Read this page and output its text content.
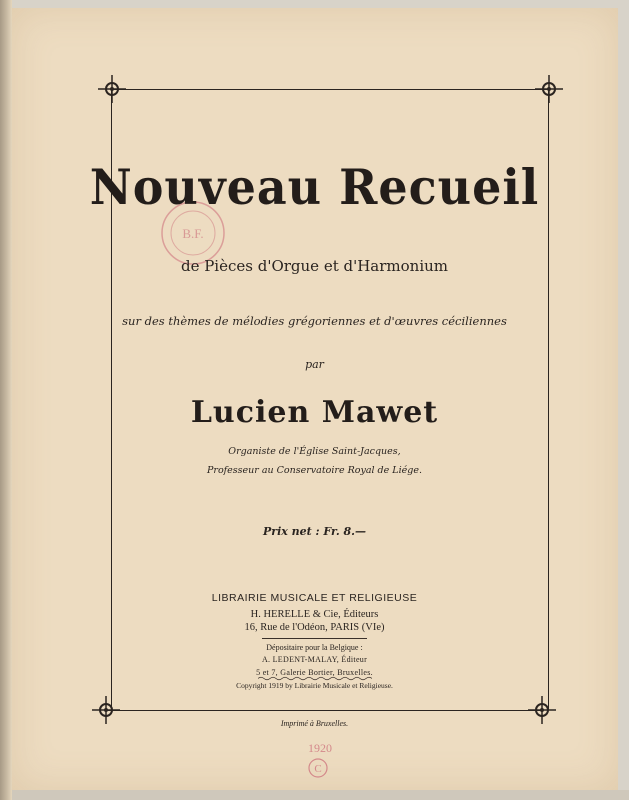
B.F.
Nouveau Recueil
de Pièces d'Orgue et d'Harmonium
sur des thèmes de mélodies grégoriennes et d'œuvres céciliennes
par
Lucien Mawet
Organiste de l'Église Saint-Jacques,
Professeur au Conservatoire Royal de Liége.
Prix net : Fr. 8.—
LIBRAIRIE MUSICALE ET RELIGIEUSE
H. HERELLE & Cie, Éditeurs
16, Rue de l'Odéon, PARIS (VIe)
Dépositaire pour la Belgique :
A. LEDENT-MALAY, Éditeur
5 et 7, Galerie Bortier, Bruxelles.
Copyright 1919 by Librairie Musicale et Religieuse.
Imprimé à Bruxelles.
1920
C
